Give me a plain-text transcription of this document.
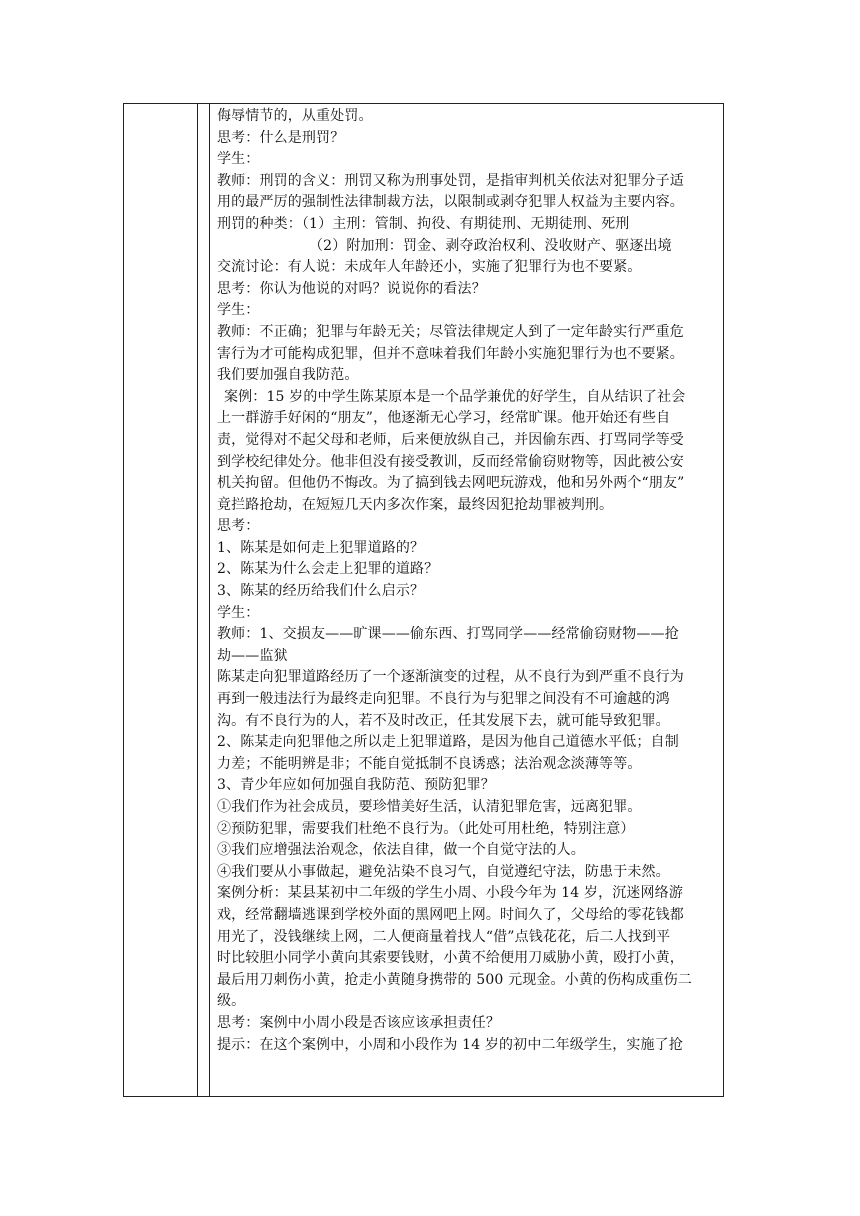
侮辱情节的，从重处罚。
思考：什么是刑罚？
学生：
教师：刑罚的含义：刑罚又称为刑事处罚，是指审判机关依法对犯罪分子适
用的最严厉的强制性法律制裁方法，以限制或剥夺犯罪人权益为主要内容。
刑罚的种类：（1）主刑：管制、拘役、有期徒刑、无期徒刑、死刑
（2）附加刑：罚金、剥夺政治权利、没收财产、驱逐出境
交流讨论：有人说：未成年人年龄还小，实施了犯罪行为也不要紧。
思考：你认为他说的对吗？说说你的看法？
学生：
教师：不正确；犯罪与年龄无关；尽管法律规定人到了一定年龄实行严重危
害行为才可能构成犯罪，但并不意味着我们年龄小实施犯罪行为也不要紧。
我们要加强自我防范。
案例：15 岁的中学生陈某原本是一个品学兼优的好学生，自从结识了社会
上一群游手好闲的“朋友”，他逐渐无心学习，经常旷课。他开始还有些自
责，觉得对不起父母和老师，后来便放纵自己，并因偷东西、打骂同学等受
到学校纪律处分。他非但没有接受教训，反而经常偷窃财物等，因此被公安
机关拘留。但他仍不悔改。为了搞到钱去网吧玩游戏，他和另外两个“朋友”
竟拦路抢劫，在短短几天内多次作案，最终因犯抢劫罪被判刑。
思考：
1、陈某是如何走上犯罪道路的？
2、陈某为什么会走上犯罪的道路？
3、陈某的经历给我们什么启示？
学生：
教师：1、交损友——旷课——偷东西、打骂同学——经常偷窃财物——抢
劫——监狱
陈某走向犯罪道路经历了一个逐渐演变的过程，从不良行为到严重不良行为
再到一般违法行为最终走向犯罪。不良行为与犯罪之间没有不可逾越的鸿
沟。有不良行为的人，若不及时改正，任其发展下去，就可能导致犯罪。
2、陈某走向犯罪他之所以走上犯罪道路，是因为他自己道德水平低；自制
力差；不能明辨是非；不能自觉抵制不良诱惑；法治观念淡薄等等。
3、青少年应如何加强自我防范、预防犯罪？
①我们作为社会成员，要珍惜美好生活，认清犯罪危害，远离犯罪。
②预防犯罪，需要我们杜绝不良行为。（此处可用杜绝，特别注意）
③我们应增强法治观念，依法自律，做一个自觉守法的人。
④我们要从小事做起，避免沾染不良习气，自觉遵纪守法，防患于未然。
案例分析：某县某初中二年级的学生小周、小段今年为 14 岁，沉迷网络游
戏，经常翻墙逃课到学校外面的黑网吧上网。时间久了，父母给的零花钱都
用光了，没钱继续上网，二人便商量着找人“借”点钱花花，后二人找到平
时比较胆小同学小黄向其索要钱财，小黄不给便用刀威胁小黄，殴打小黄，
最后用刀刺伤小黄，抢走小黄随身携带的 500 元现金。小黄的伤构成重伤二
级。
思考：案例中小周小段是否该应该承担责任？
提示：在这个案例中，小周和小段作为 14 岁的初中二年级学生，实施了抢
